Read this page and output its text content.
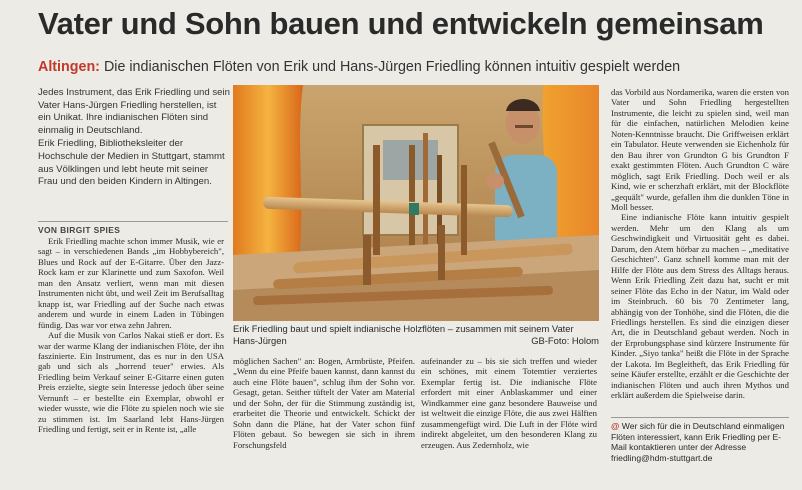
Vater und Sohn bauen und entwickeln gemeinsam
Altingen: Die indianischen Flöten von Erik und Hans-Jürgen Friedling können intuitiv gespielt werden

Jedes Instrument, das Erik Friedling und sein Vater Hans-Jürgen Friedling herstellen, ist ein Unikat. Ihre indianischen Flöten sind einmalig in Deutschland.

Erik Friedling, Bibliotheksleiter der Hochschule der Medien in Stuttgart, stammt aus Völklingen und lebt heute mit seiner Frau und den beiden Kindern in Altingen.

VON BIRGIT SPIES

Erik Friedling machte schon immer Musik, wie er sagt – in verschiedenen Bands „im Hobbybereich", Blues und Rock auf der E-Gitarre. Über den Jazz-Rock kam er zur Klarinette und zum Saxofon. Weil man den Ansatz verliert, wenn man mit diesen Instrumenten nicht übt, und weil Zeit im Berufsalltag knapp ist, war Friedling auf der Suche nach etwas anderem und wurde in einem Laden in Tübingen fündig. Das war vor etwa zehn Jahren.

Auf die Musik von Carlos Nakai stieß er dort. Es war der warme Klang der indianischen Flöte, der ihn faszinierte. Ein Instrument, das es nur in den USA gab und sich als „horrend teuer" erwies. Als Friedling beim Verkauf seiner E-Gitarre einen guten Preis erzielte, siegte sein Interesse jedoch über seine Vernunft – er bestellte ein Exemplar, obwohl er wieder wusste, wie die Flöte zu spielen noch wie sie zu stimmen ist. Im Saarland lebt Hans-Jürgen Friedling und fertigt, seit er in Rente ist, „alle

Erik Friedling baut und spielt indianische Holzflöten – zusammen mit seinem Vater Hans-Jürgen	GB-Foto: Holom

möglichen Sachen" an: Bogen, Armbrüste, Pfeifen. „Wenn du eine Pfeife bauen kannst, dann kannst du auch eine Flöte bauen", schlug ihm der Sohn vor. Gesagt, getan. Seither tüftelt der Vater am Material und der Sohn, der für die Stimmung zuständig ist, erarbeitet die Theorie und entwickelt. Schickt der Sohn dann die Pläne, hat der Vater schon fünf Flöten gebaut. So bewegen sie sich in ihrem Forschungsfeld

aufeinander zu – bis sie sich treffen und wieder ein schönes, mit einem Totemtier verziertes Exemplar fertig ist. Die indianische Flöte erfordert mit einer Anblaskammer und einer Windkammer eine ganz besondere Bauweise und ist weltweit die einzige Flöte, die aus zwei Hälften zusammengefügt wird. Die Luft in der Flöte wird indirekt abgeleitet, um den besonderen Klang zu erzeugen. Aus Zedernholz, wie

das Vorbild aus Nordamerika, waren die ersten von Vater und Sohn Friedling hergestellten Instrumente, die leicht zu spielen sind, weil man für die einfachen, natürlichen Melodien keine Noten-Kenntnisse braucht. Die Griffweisen erklärt ein Tabulator. Heute verwenden sie Eichenholz für den Bau ihrer von Grundton G bis Grundton F exakt gestimmten Flöten. Auch Grundton C wäre möglich, sagt Erik Friedling. Doch weil er als Kind, wie er scherzhaft erklärt, mit der Blockflöte „gequält" wurde, gefallen ihm die dunklen Töne in Moll besser.

Eine indianische Flöte kann intuitiv gespielt werden. Mehr um den Klang als um Geschwindigkeit und Virtuosität geht es dabei. Darum, den Atem hörbar zu machen – „meditative Geschichten". Ganz schnell komme man mit der Hilfe der Flöte aus dem Stress des Alltags heraus. Wenn Erik Friedling Zeit dazu hat, sucht er mit seiner Flöte das Echo in der Natur, im Wald oder im Steinbruch. 60 bis 70 Zentimeter lang, abhängig von der Tonhöhe, sind die Flöten, die die Friedlings herstellen. Es sind die einzigen dieser Art, die in Deutschland gebaut werden. Noch in der Erprobungsphase sind kürzere Instrumente für Kinder. „Siyo tanka" heißt die Flöte in der Sprache der Lakota. Im Begleitheft, das Erik Friedling für seine Käufer erstellte, erzählt er die Geschichte der indianischen Flöten und auch ihren Mythos und erklärt außerdem die Spielweise darin.

@ Wer sich für die in Deutschland einmaligen Flöten interessiert, kann Erik Friedling per E-Mail kontaktieren unter der Adresse friedling@hdm-stuttgart.de
